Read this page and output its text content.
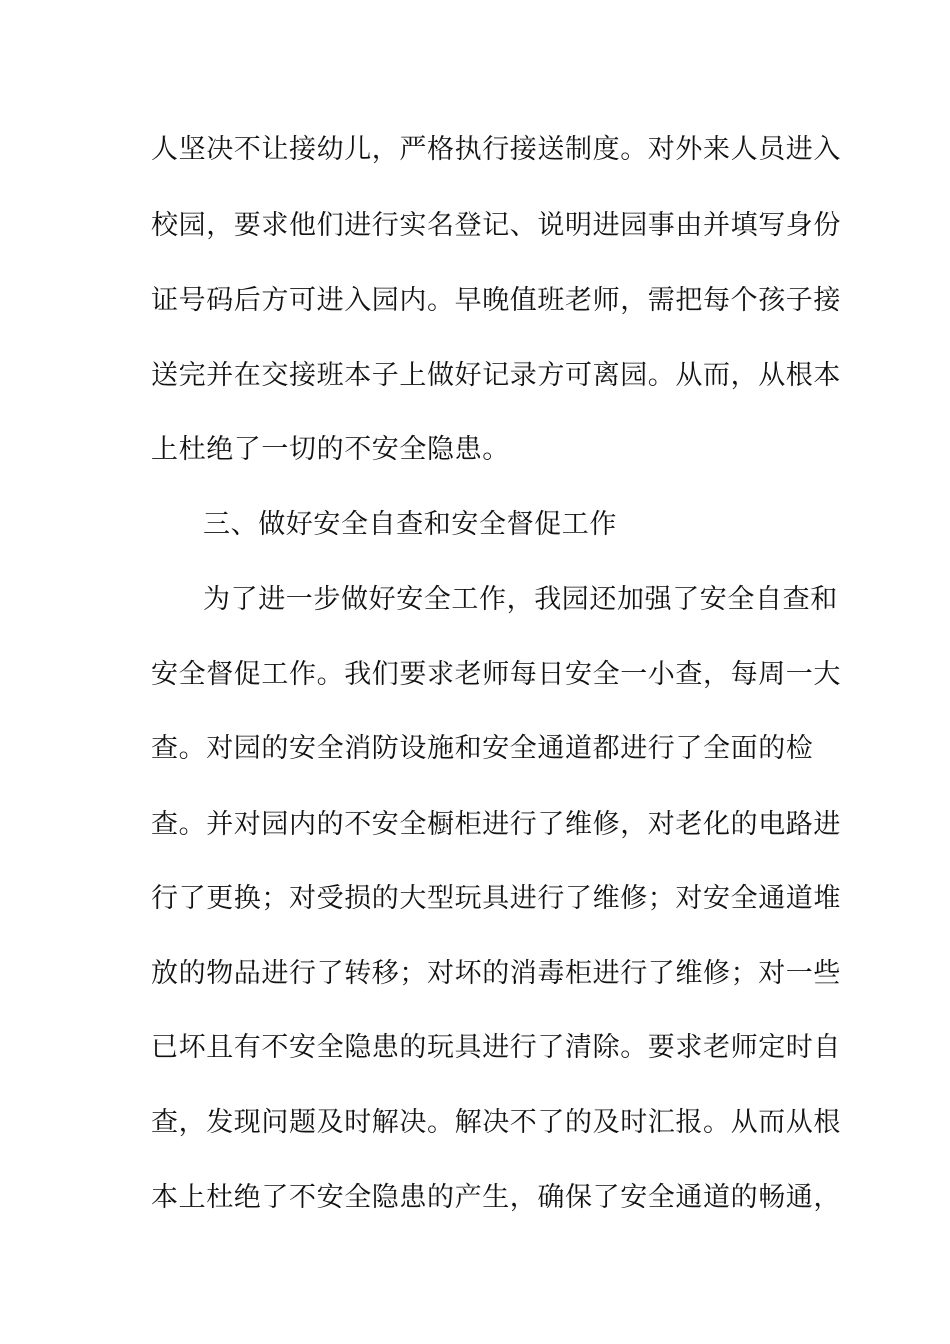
人坚决不让接幼儿，严格执行接送制度。对外来人员进入
校园，要求他们进行实名登记、说明进园事由并填写身份
证号码后方可进入园内。早晚值班老师，需把每个孩子接
送完并在交接班本子上做好记录方可离园。从而，从根本
上杜绝了一切的不安全隐患。
三、做好安全自查和安全督促工作
为了进一步做好安全工作，我园还加强了安全自查和
安全督促工作。我们要求老师每日安全一小查，每周一大
查。对园的安全消防设施和安全通道都进行了全面的检
查。并对园内的不安全橱柜进行了维修，对老化的电路进
行了更换；对受损的大型玩具进行了维修；对安全通道堆
放的物品进行了转移；对坏的消毒柜进行了维修；对一些
已坏且有不安全隐患的玩具进行了清除。要求老师定时自
查，发现问题及时解决。解决不了的及时汇报。从而从根
本上杜绝了不安全隐患的产生，确保了安全通道的畅通，
